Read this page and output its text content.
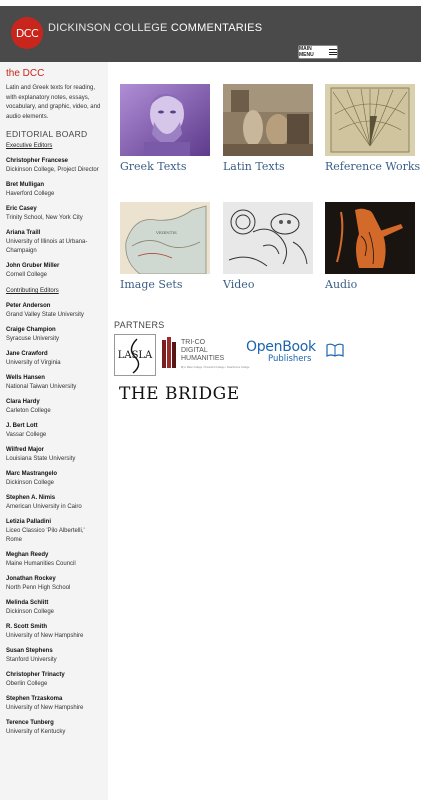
DCC DICKINSON COLLEGE COMMENTARIES
MAIN MENU
the DCC
Latin and Greek texts for reading, with explanatory notes, essays, vocabulary, and graphic, video, and audio elements.
EDITORIAL BOARD
Executive Editors
Christopher Francese
Dickinson College, Project Director
Bret Mulligan
Haverford College
Eric Casey
Trinity School, New York City
Ariana Traill
University of Illinois at Urbana-Champaign
John Gruber Miller
Cornell College
Contributing Editors
Peter Anderson
Grand Valley State University
Craige Champion
Syracuse University
Jane Crawford
University of Virginia
Wells Hansen
National Taiwan University
Clara Hardy
Carleton College
J. Bert Lott
Vassar College
Wilfred Major
Louisiana State University
Marc Mastrangelo
Dickinson College
Stephen A. Nimis
American University in Cairo
Letizia Palladini
Liceo Classico 'Pilo Albertelli,' Rome
Meghan Reedy
Maine Humanities Council
Jonathan Rockey
North Penn High School
Melinda Schlitt
Dickinson College
R. Scott Smith
University of New Hampshire
Susan Stephens
Stanford University
Christopher Trinacty
Oberlin College
Stephen Trzaskoma
University of New Hampshire
Terence Tunberg
University of Kentucky
Greek Texts	Latin Texts	Reference Works
VEIENTIS
Image Sets	Video	Audio
PARTNERS
LASLA
TRI-CO
DIGITAL
HUMANITIES
Bryn Mawr College • Haverford College • Swarthmore College
OpenBook
Publishers
THE BRIDGE
